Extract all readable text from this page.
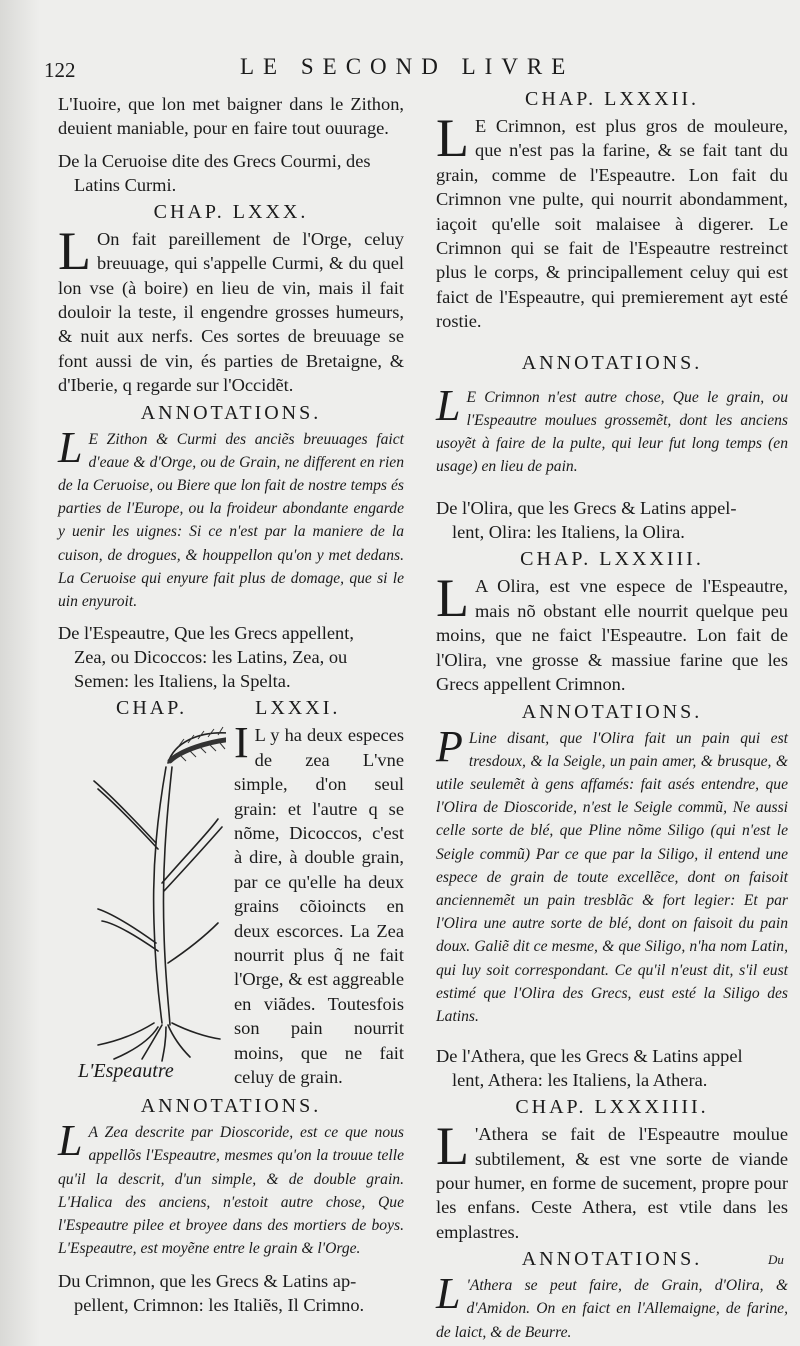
122	LE SECOND LIVRE

L'Iuoire, que lon met baigner dans le Zithon, deuient maniable, pour en faire tout ouurage.

De la Ceruoise dite des Grecs Courmi, des
Latins Curmi.

CHAP. LXXX.

L On fait pareillement de l'Orge, celuy breuuage, qui s'appelle Curmi, & du quel lon vse (à boire) en lieu de vin, mais il fait douloir la teste, il engendre grosses humeurs, & nuit aux nerfs. Ces sortes de breuuage se font aussi de vin, és parties de Bretaigne, & d'Iberie, q regarde sur l'Occidẽt.

ANNOTATIONS.

L E Zithon & Curmi des anciẽs breuuages faict d'eaue & d'Orge, ou de Grain, ne different en rien de la Ceruoise, ou Biere que lon fait de nostre temps és parties de l'Europe, ou la froideur abondante engarde y uenir les uignes: Si ce n'est par la maniere de la cuison, de drogues, & houppellon qu'on y met dedans. La Ceruoise qui enyure fait plus de domage, que si le uin enyuroit.

De l'Espeautre, Que les Grecs appellent,
Zea, ou Dicoccos: les Latins, Zea, ou
Semen: les Italiens, la Spelta.

CHAP.	LXXXI.
L'Espeautre

I L y ha deux especes de zea L'vne simple, d'on seul grain: et l'autre q se nõme, Dicoccos, c'est à dire, à double grain, par ce qu'elle ha deux grains cõioincts en deux escorces. La Zea nourrit plus q̃ ne fait l'Orge, & est aggreable en viãdes. Toutesfois son pain nourrit moins, que ne fait celuy de grain.

ANNOTATIONS.

L A Zea descrite par Dioscoride, est ce que nous appellõs l'Espeautre, mesmes qu'on la trouue telle qu'il la descrit, d'un simple, & de double grain. L'Halica des anciens, n'estoit autre chose, Que l'Espeautre pilee et broyee dans des mortiers de boys. L'Espeautre, est moyẽne entre le grain & l'Orge.

Du Crimnon, que les Grecs & Latins ap-
pellent, Crimnon: les Italiẽs, Il Crimno.

CHAP. LXXXII.

L E Crimnon, est plus gros de mouleure, que n'est pas la farine, & se fait tant du grain, comme de l'Espeautre. Lon fait du Crimnon vne pulte, qui nourrit abondamment, iaçoit qu'elle soit malaisee à digerer. Le Crimnon qui se fait de l'Espeautre restreinct plus le corps, & principallement celuy qui est faict de l'Espeautre, qui premierement ayt esté rostie.

ANNOTATIONS.

L E Crimnon n'est autre chose, Que le grain, ou l'Espeautre moulues grossemẽt, dont les anciens usoyẽt à faire de la pulte, qui leur fut long temps (en usage) en lieu de pain.

De l'Olira, que les Grecs & Latins appel-
lent, Olira: les Italiens, la Olira.

CHAP. LXXXIII.

L A Olira, est vne espece de l'Espeautre, mais nõ obstant elle nourrit quelque peu moins, que ne faict l'Espeautre. Lon fait de l'Olira, vne grosse & massiue farine que les Grecs appellent Crimnon.

ANNOTATIONS.

P Line disant, que l'Olira fait un pain qui est tresdoux, & la Seigle, un pain amer, & brusque, & utile seulemẽt à gens affamés: fait asés entendre, que l'Olira de Dioscoride, n'est le Seigle commũ, Ne aussi celle sorte de blé, que Pline nõme Siligo (qui n'est le Seigle commũ) Par ce que par la Siligo, il entend une espece de grain de toute excellẽce, dont on faisoit anciennemẽt un pain tresblãc & fort legier: Et par l'Olira une autre sorte de blé, dont on faisoit du pain doux. Galiẽ dit ce mesme, & que Siligo, n'ha nom Latin, qui luy soit correspondant. Ce qu'il n'eust dit, s'il eust estimé que l'Olira des Grecs, eust esté la Siligo des Latins.

De l'Athera, que les Grecs & Latins appel
lent, Athera: les Italiens, la Athera.

CHAP. LXXXIIII.

L 'Athera se fait de l'Espeautre moulue subtilement, & est vne sorte de viande pour humer, en forme de sucement, propre pour les enfans. Ceste Athera, est vtile dans les emplastres.

ANNOTATIONS.

L 'Athera se peut faire, de Grain, d'Olira, & d'Amidon. On en faict en l'Allemaigne, de farine, de laict, & de Beurre.

Du
